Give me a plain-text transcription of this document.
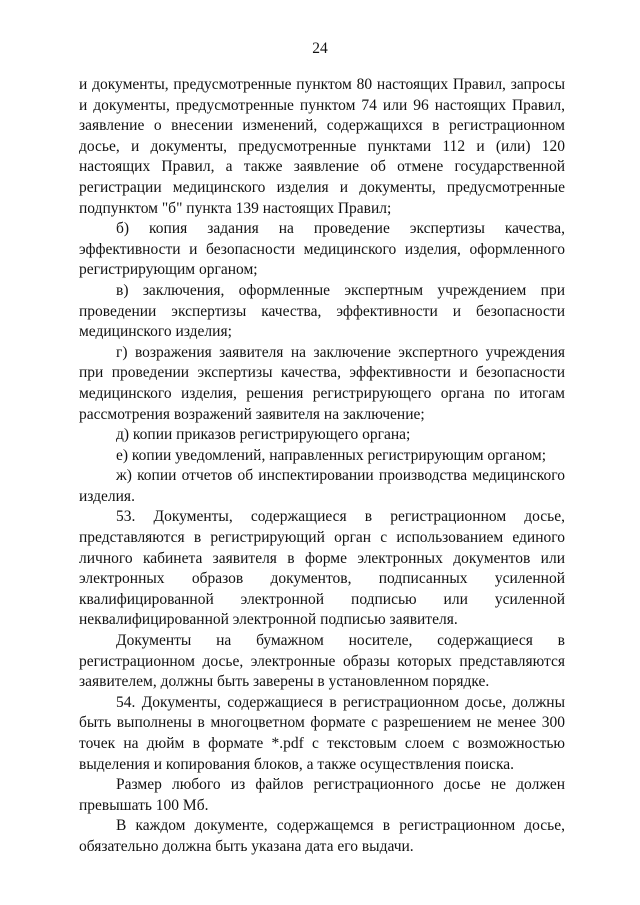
24

и документы, предусмотренные пунктом 80 настоящих Правил, запросы и документы, предусмотренные пунктом 74 или 96 настоящих Правил, заявление о внесении изменений, содержащихся в регистрационном досье, и документы, предусмотренные пунктами 112 и (или) 120 настоящих Правил, а также заявление об отмене государственной регистрации медицинского изделия и документы, предусмотренные подпунктом "б" пункта 139 настоящих Правил;

б) копия задания на проведение экспертизы качества, эффективности и безопасности медицинского изделия, оформленного регистрирующим органом;

в) заключения, оформленные экспертным учреждением при проведении экспертизы качества, эффективности и безопасности медицинского изделия;

г) возражения заявителя на заключение экспертного учреждения при проведении экспертизы качества, эффективности и безопасности медицинского изделия, решения регистрирующего органа по итогам рассмотрения возражений заявителя на заключение;

д) копии приказов регистрирующего органа;

е) копии уведомлений, направленных регистрирующим органом;

ж) копии отчетов об инспектировании производства медицинского изделия.

53. Документы, содержащиеся в регистрационном досье, представляются в регистрирующий орган с использованием единого личного кабинета заявителя в форме электронных документов или электронных образов документов, подписанных усиленной квалифицированной электронной подписью или усиленной неквалифицированной электронной подписью заявителя.

Документы на бумажном носителе, содержащиеся в регистрационном досье, электронные образы которых представляются заявителем, должны быть заверены в установленном порядке.

54. Документы, содержащиеся в регистрационном досье, должны быть выполнены в многоцветном формате с разрешением не менее 300 точек на дюйм в формате *.pdf с текстовым слоем с возможностью выделения и копирования блоков, а также осуществления поиска.

Размер любого из файлов регистрационного досье не должен превышать 100 Мб.

В каждом документе, содержащемся в регистрационном досье, обязательно должна быть указана дата его выдачи.
